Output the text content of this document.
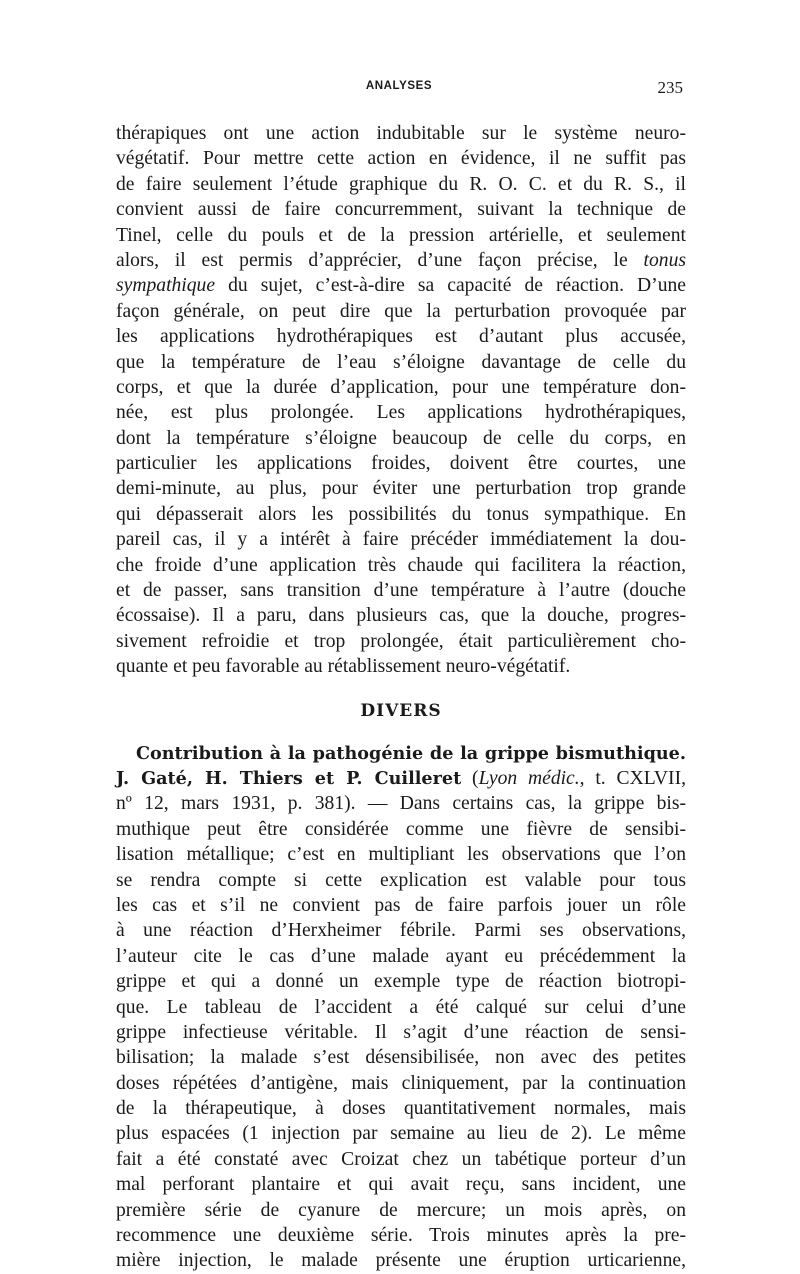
ANALYSES	235
thérapiques ont une action indubitable sur le système neuro-
végétatif. Pour mettre cette action en évidence, il ne suffit pas
de faire seulement l’étude graphique du R. O. C. et du R. S., il
convient aussi de faire concurremment, suivant la technique de
Tinel, celle du pouls et de la pression artérielle, et seulement
alors, il est permis d’apprécier, d’une façon précise, le tonus
sympathique du sujet, c’est-à-dire sa capacité de réaction. D’une
façon générale, on peut dire que la perturbation provoquée par
les applications hydrothérapiques est d’autant plus accusée,
que la température de l’eau s’éloigne davantage de celle du
corps, et que la durée d’application, pour une température don-
née, est plus prolongée. Les applications hydrothérapiques,
dont la température s’éloigne beaucoup de celle du corps, en
particulier les applications froides, doivent être courtes, une
demi-minute, au plus, pour éviter une perturbation trop grande
qui dépasserait alors les possibilités du tonus sympathique. En
pareil cas, il y a intérêt à faire précéder immédiatement la dou-
che froide d’une application très chaude qui facilitera la réaction,
et de passer, sans transition d’une température à l’autre (douche
écossaise). Il a paru, dans plusieurs cas, que la douche, progres-
sivement refroidie et trop prolongée, était particulièrement cho-
quante et peu favorable au rétablissement neuro-végétatif.
DIVERS
Contribution à la pathogénie de la grippe bismuthique.
J. Gaté, H. Thiers et P. Cuilleret (Lyon médic., t. CXLVII,
nº 12, mars 1931, p. 381). — Dans certains cas, la grippe bis-
muthique peut être considérée comme une fièvre de sensibi-
lisation métallique; c’est en multipliant les observations que l’on
se rendra compte si cette explication est valable pour tous
les cas et s’il ne convient pas de faire parfois jouer un rôle
à une réaction d’Herxheimer fébrile. Parmi ses observations,
l’auteur cite le cas d’une malade ayant eu précédemment la
grippe et qui a donné un exemple type de réaction biotropi-
que. Le tableau de l’accident a été calqué sur celui d’une
grippe infectieuse véritable. Il s’agit d’une réaction de sensi-
bilisation; la malade s’est désensibilisée, non avec des petites
doses répétées d’antigène, mais cliniquement, par la continuation
de la thérapeutique, à doses quantitativement normales, mais
plus espacées (1 injection par semaine au lieu de 2). Le même
fait a été constaté avec Croizat chez un tabétique porteur d’un
mal perforant plantaire et qui avait reçu, sans incident, une
première série de cyanure de mercure; un mois après, on
recommence une deuxième série. Trois minutes après la pre-
mière injection, le malade présente une éruption urticarienne,
